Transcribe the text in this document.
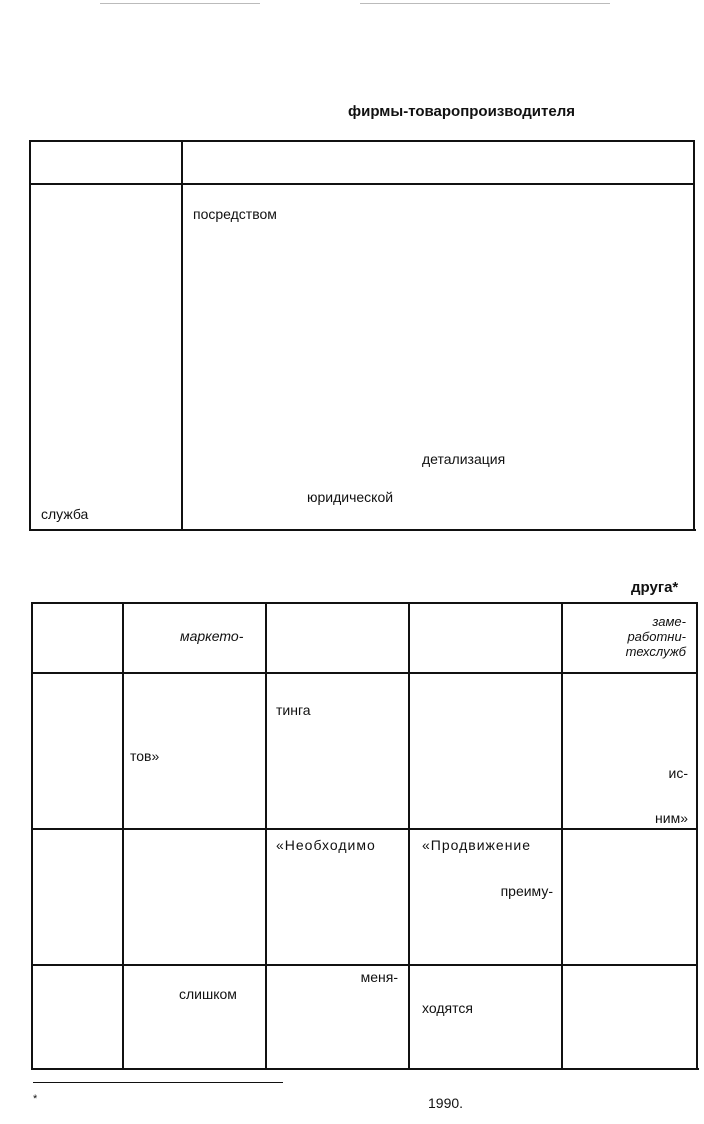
фирмы-товаропроизводителя
посредством
детализация
юридической
служба
друга*
маркето-
заме-
работни-
техслужб
тов»
тинга
ис-
ним»
«Необходимо	«Продвижение
преиму-
слишком
меня-
ходятся
*	1990.
